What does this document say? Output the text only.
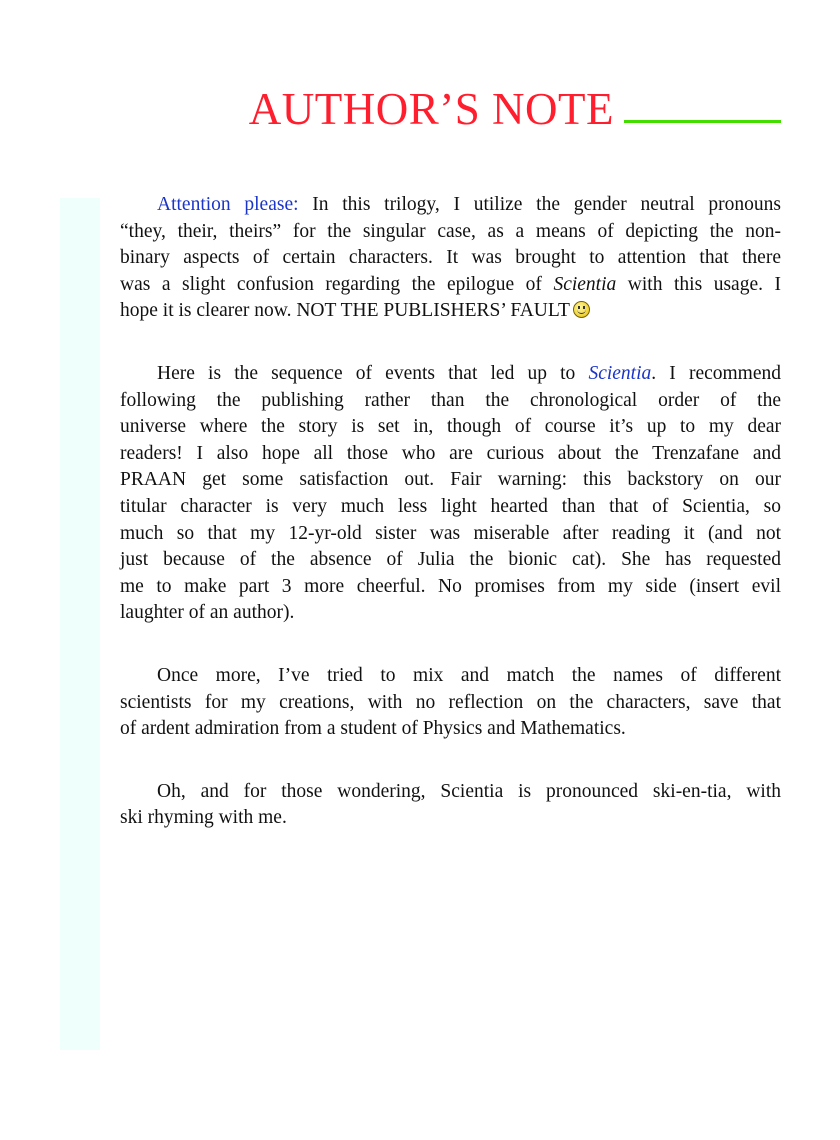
AUTHOR’S NOTE
Attention please: In this trilogy, I utilize the gender neutral pronouns
“they, their, theirs” for the singular case, as a means of depicting the non-
binary aspects of certain characters. It was brought to attention that there
was a slight confusion regarding the epilogue of Scientia with this usage. I
hope it is clearer now. NOT THE PUBLISHERS’ FAULT
Here is the sequence of events that led up to Scientia. I recommend
following the publishing rather than the chronological order of the
universe where the story is set in, though of course it’s up to my dear
readers! I also hope all those who are curious about the Trenzafane and
PRAAN get some satisfaction out. Fair warning: this backstory on our
titular character is very much less light hearted than that of Scientia, so
much so that my 12-yr-old sister was miserable after reading it (and not
just because of the absence of Julia the bionic cat). She has requested
me to make part 3 more cheerful. No promises from my side (insert evil
laughter of an author).
Once more, I’ve tried to mix and match the names of different
scientists for my creations, with no reflection on the characters, save that
of ardent admiration from a student of Physics and Mathematics.
Oh, and for those wondering, Scientia is pronounced ski-en-tia, with
ski rhyming with me.
